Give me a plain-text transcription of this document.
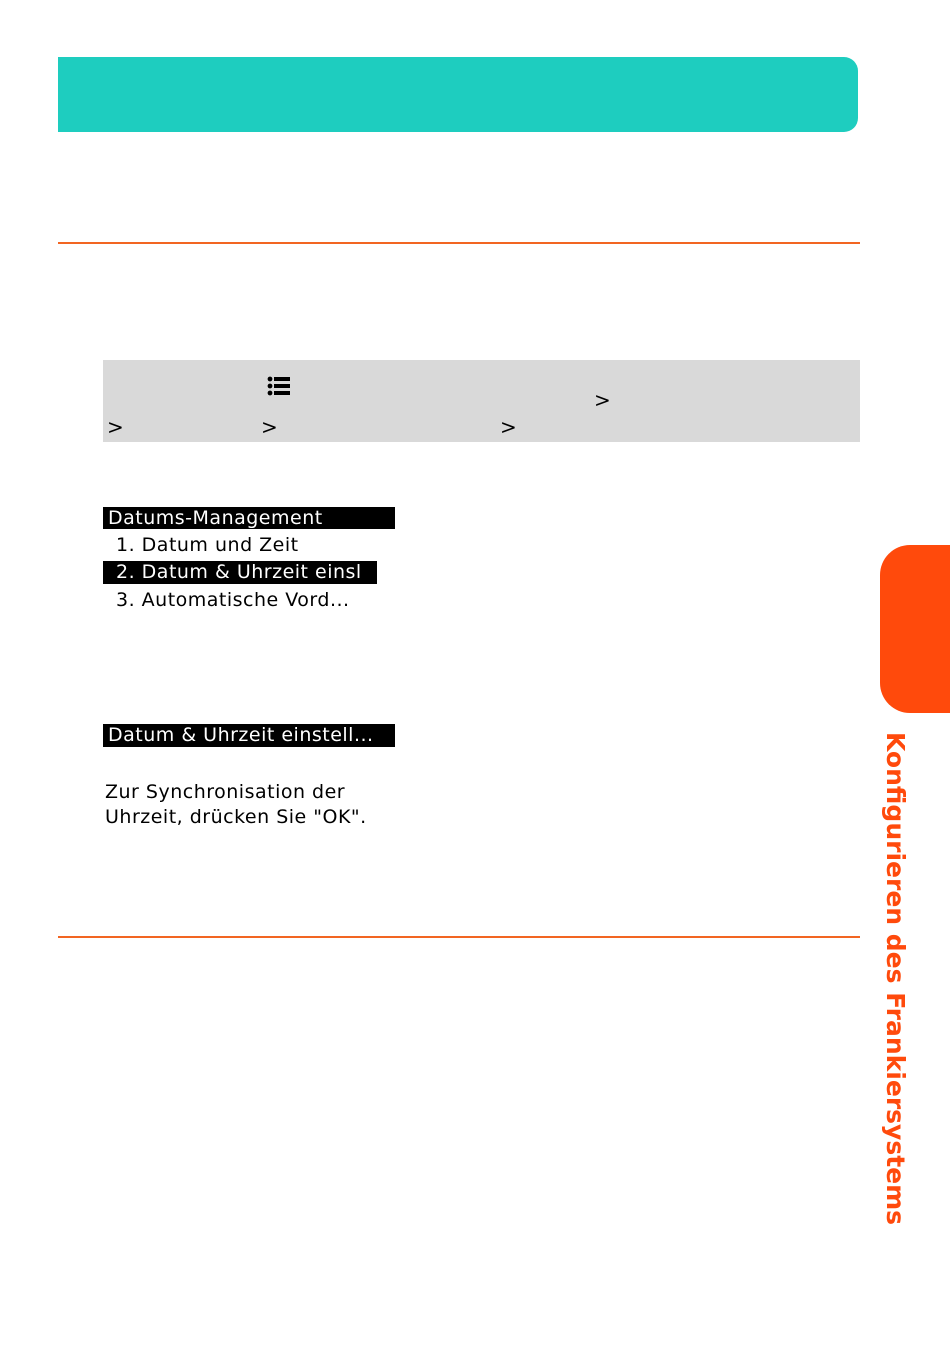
>
>	>	>
Datums-Management
1. Datum und Zeit
2. Datum & Uhrzeit einsl
3. Automatische Vord...
Datum & Uhrzeit einstell...
Zur Synchronisation der
Uhrzeit, drücken Sie "OK".	Konfigurieren des Frankiersystems
